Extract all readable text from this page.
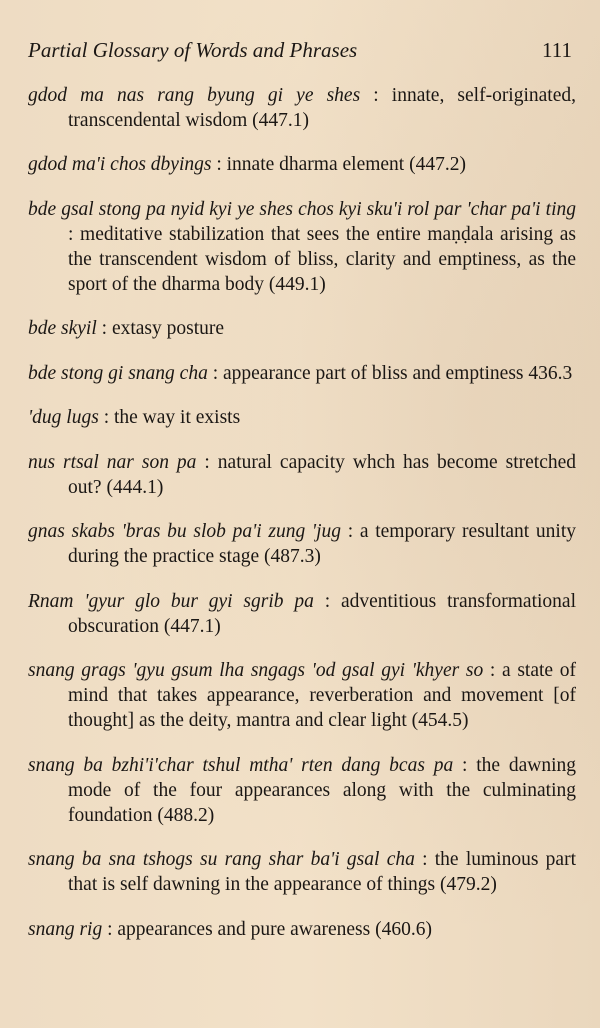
Partial Glossary of Words and Phrases	111

gdod ma nas rang byung gi ye shes : innate, self-originated, transcendental wisdom (447.1)

gdod ma'i chos dbyings : innate dharma element (447.2)

bde gsal stong pa nyid kyi ye shes chos kyi sku'i rol par 'char pa'i ting : meditative stabilization that sees the entire maṇḍala arising as the transcendent wisdom of bliss, clarity and emptiness, as the sport of the dharma body (449.1)

bde skyil : extasy posture

bde stong gi snang cha : appearance part of bliss and emptiness 436.3

'dug lugs : the way it exists

nus rtsal nar son pa : natural capacity whch has become stretched out? (444.1)

gnas skabs 'bras bu slob pa'i zung 'jug : a temporary resultant unity during the practice stage (487.3)

Rnam 'gyur glo bur gyi sgrib pa : adventitious transformational obscuration (447.1)

snang grags 'gyu gsum lha sngags 'od gsal gyi 'khyer so : a state of mind that takes appearance, reverberation and movement [of thought] as the deity, mantra and clear light (454.5)

snang ba bzhi'i'char tshul mtha' rten dang bcas pa : the dawning mode of the four appearances along with the culminating foundation (488.2)

snang ba sna tshogs su rang shar ba'i gsal cha : the luminous part that is self dawning in the appearance of things (479.2)

snang rig : appearances and pure awareness (460.6)
